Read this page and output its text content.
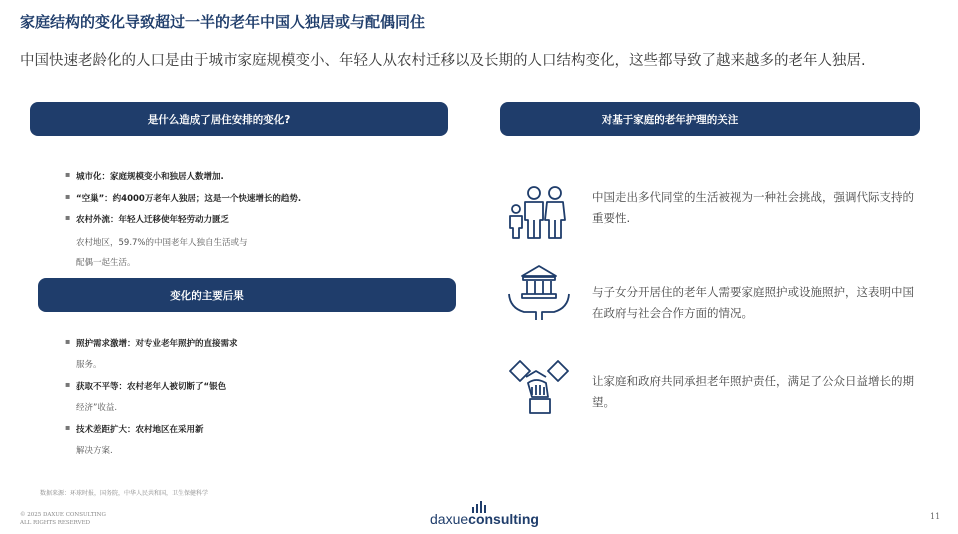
家庭结构的变化导致超过一半的老年中国人独居或与配偶同住
中国快速老龄化的人口是由于城市家庭规模变小、年轻人从农村迁移以及长期的人口结构变化，这些都导致了越来越多的老年人独居.
是什么造成了居住安排的变化?
▪ 城市化：家庭规模变小和独居人数增加.
▪ “空巢”：约4000万老年人独居；这是一个快速增长的趋势.
▪ 农村外流：年轻人迁移使年轻劳动力匮乏
农村地区，59.7%的中国老年人独自生活或与
配偶一起生活。
变化的主要后果
▪ 照护需求激增：对专业老年照护的直接需求
服务。
▪ 获取不平等：农村老年人被切断了“银色
经济”收益.
▪ 技术差距扩大：农村地区在采用新
解决方案.
对基于家庭的老年护理的关注
中国走出多代同堂的生活被视为一种社会挑战，强调代际支持的重要性.
与子女分开居住的老年人需要家庭照护或设施照护，这表明中国在政府与社会合作方面的情况。
让家庭和政府共同承担老年照护责任，满足了公众日益增长的期望。
数据来源：环球时报，国务院，中华人民共和国，卫生保健科学
© 2025 DAXUE CONSULTING
ALL RIGHTS RESERVED	daxueconsulting	11
